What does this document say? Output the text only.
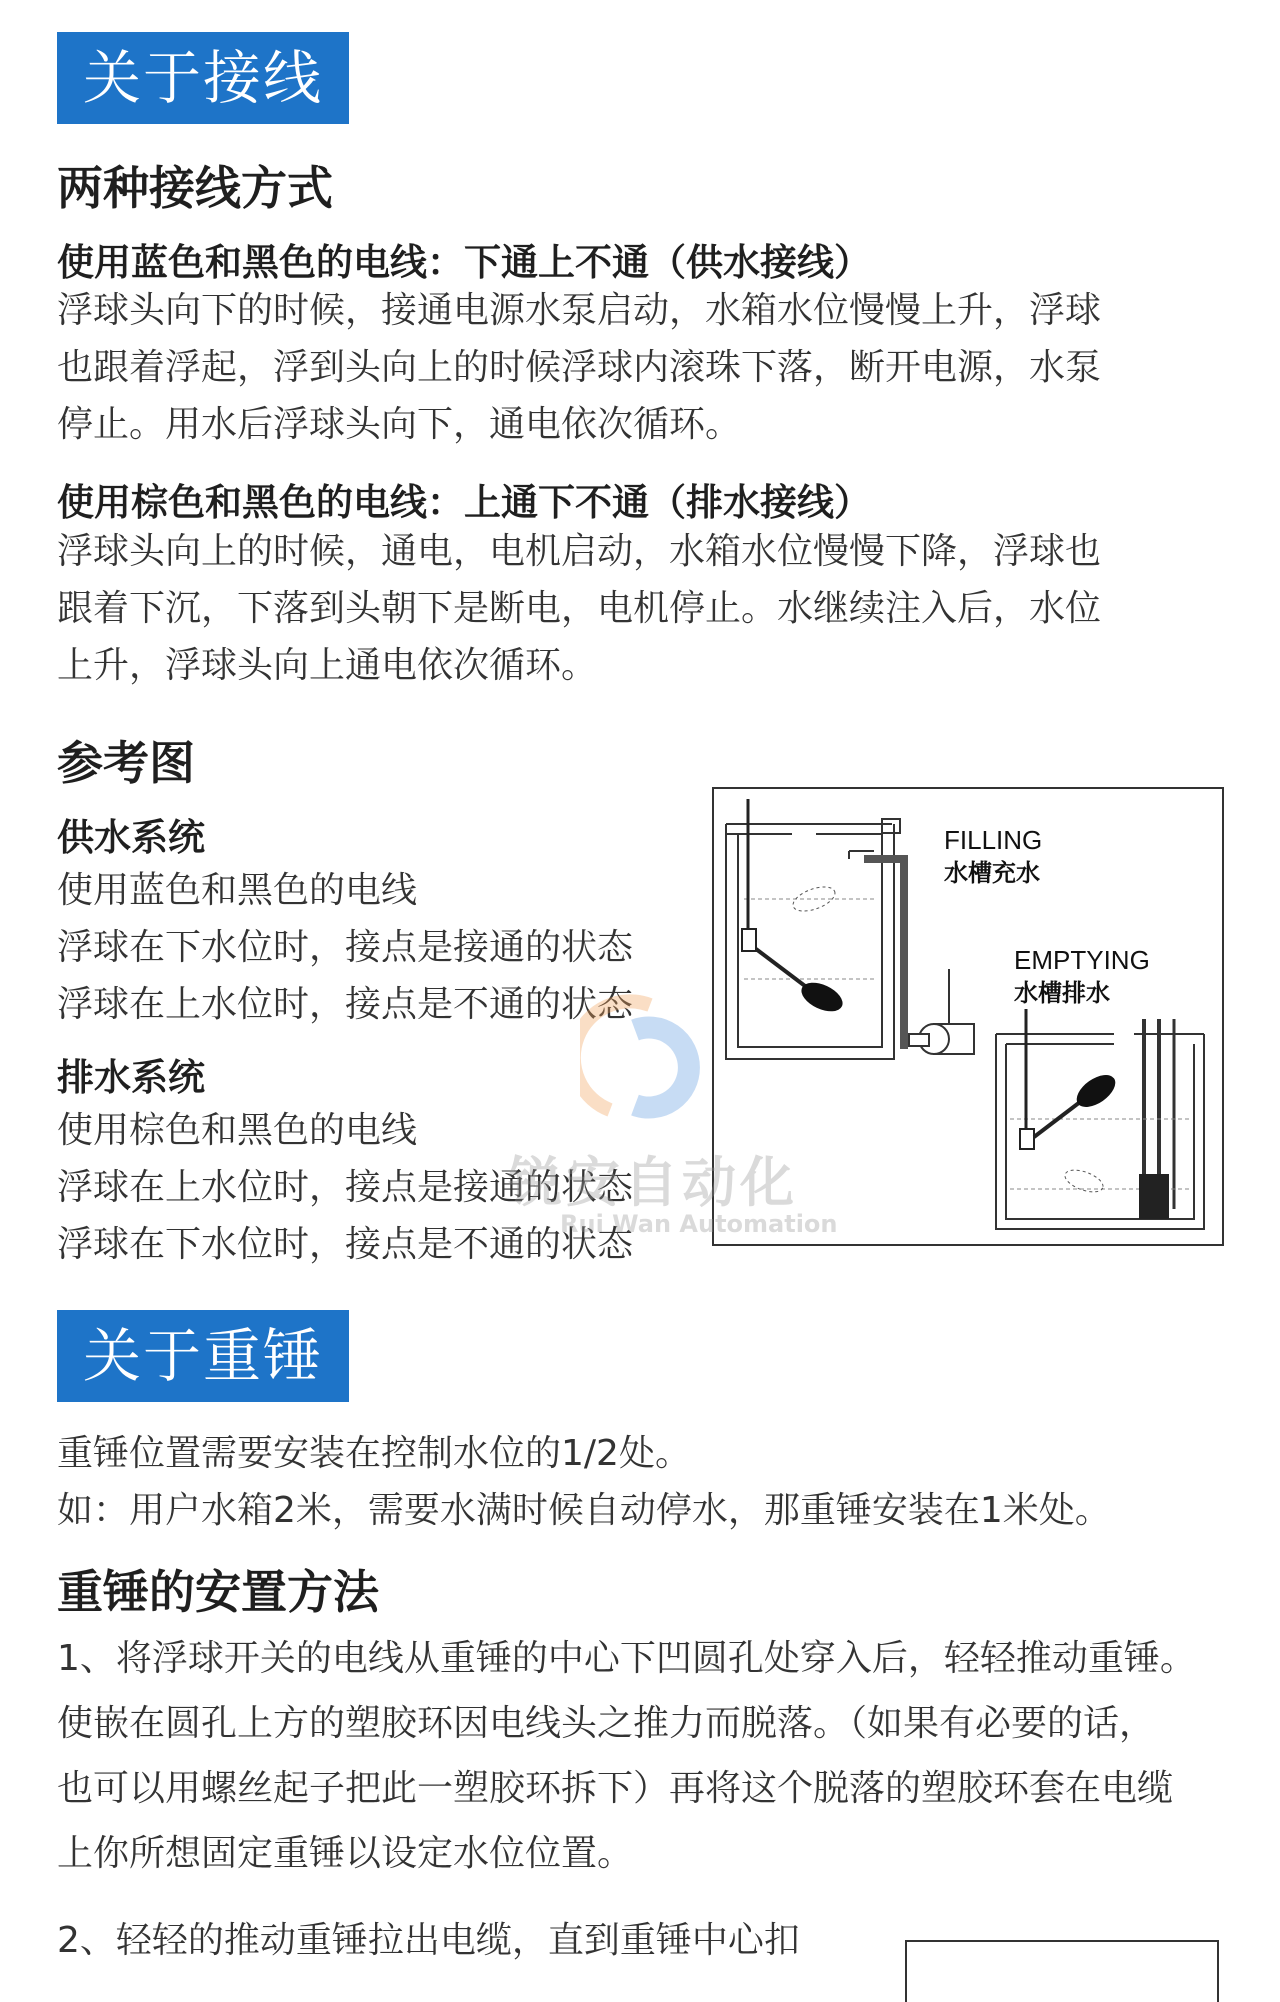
关于接线
两种接线方式
使用蓝色和黑色的电线：下通上不通（供水接线）
浮球头向下的时候，接通电源水泵启动，水箱水位慢慢上升，浮球
也跟着浮起，浮到头向上的时候浮球内滚珠下落，断开电源，水泵
停止。用水后浮球头向下，通电依次循环。
使用棕色和黑色的电线：上通下不通（排水接线）
浮球头向上的时候，通电，电机启动，水箱水位慢慢下降，浮球也
跟着下沉，下落到头朝下是断电，电机停止。水继续注入后，水位
上升，浮球头向上通电依次循环。
参考图
供水系统
使用蓝色和黑色的电线
浮球在下水位时，接点是接通的状态
浮球在上水位时，接点是不通的状态
排水系统
使用棕色和黑色的电线
浮球在上水位时，接点是接通的状态
浮球在下水位时，接点是不通的状态
FILLING
水槽充水
EMPTYING
水槽排水
锐安自动化
Rui Wan Automation
关于重锤
重锤位置需要安装在控制水位的1/2处。
如：用户水箱2米，需要水满时候自动停水，那重锤安装在1米处。
重锤的安置方法
1、将浮球开关的电线从重锤的中心下凹圆孔处穿入后，轻轻推动重锤。
使嵌在圆孔上方的塑胶环因电线头之推力而脱落。（如果有必要的话，
也可以用螺丝起子把此一塑胶环拆下）再将这个脱落的塑胶环套在电缆
上你所想固定重锤以设定水位位置。
2、轻轻的推动重锤拉出电缆，直到重锤中心扣
